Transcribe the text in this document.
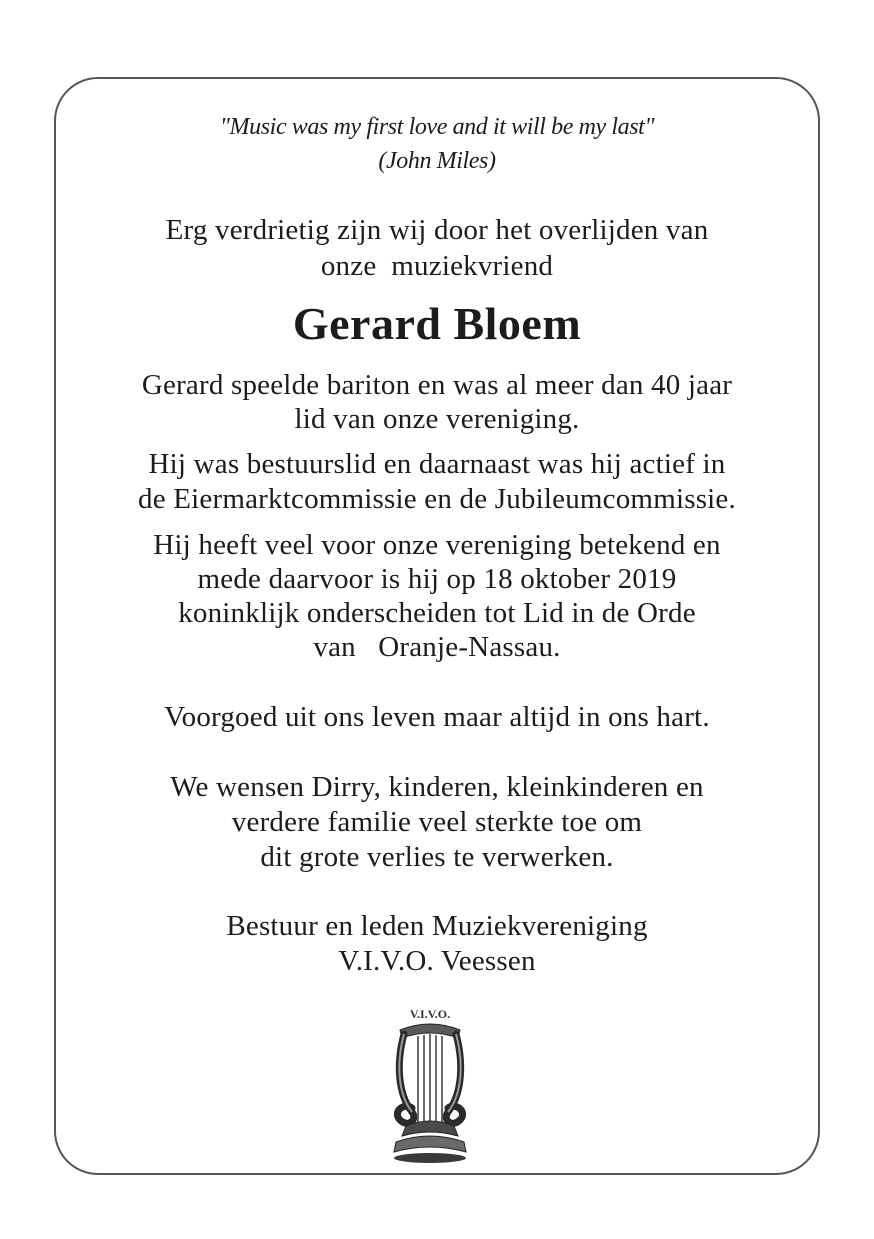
"Music was my first love and it will be my last"
(John Miles)
Erg verdrietig zijn wij door het overlijden van
onze  muziekvriend
Gerard Bloem
Gerard speelde bariton en was al meer dan 40 jaar
lid van onze vereniging.
Hij was bestuurslid en daarnaast was hij actief in
de Eiermarktcommissie en de Jubileumcommissie.
Hij heeft veel voor onze vereniging betekend en
mede daarvoor is hij op 18 oktober 2019
koninklijk onderscheiden tot Lid in de Orde
van   Oranje-Nassau.
Voorgoed uit ons leven maar altijd in ons hart.
We wensen Dirry, kinderen, kleinkinderen en
verdere familie veel sterkte toe om
dit grote verlies te verwerken.
Bestuur en leden Muziekvereniging
V.I.V.O. Veessen
V.I.V.O.
